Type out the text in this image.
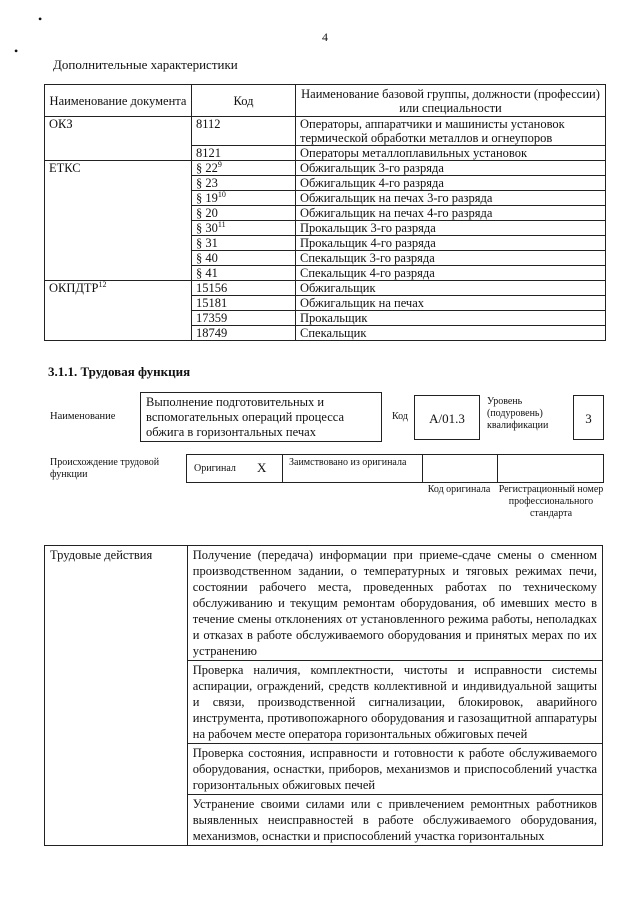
•
•
4
Дополнительные характеристики
Наименование документа	Код	Наименование базовой группы, должности (профессии) или специальности
ОКЗ	8112	Операторы, аппаратчики и машинисты установок термической обработки металлов и огнеупоров
	8121	Операторы металлоплавильных установок
ЕТКС	§ $22^9$	Обжигальщик 3-го разряда
	§ 23	Обжигальщик 4-го разряда
	§ $19^{10}$	Обжигальщик на печах 3-го разряда
	§ 20	Обжигальщик на печах 4-го разряда
	§ $30^{11}$	Прокальщик 3-го разряда
	§ 31	Прокальщик 4-го разряда
	§ 40	Спекальщик 3-го разряда
	§ 41	Спекальщик 4-го разряда
ОКПДТР$^{12}$	15156	Обжигальщик
	15181	Обжигальщик на печах
	17359	Прокальщик
	18749	Спекальщик
3.1.1. Трудовая функция
Наименование
Выполнение подготовительных и вспомогательных операций процесса обжига в горизонтальных печах
Код	A/01.3
Уровень (подуровень) квалификации	3
Происхождение трудовой функции
Оригинал X Заимствовано из оригинала
Код оригинала Регистрационный номер профессионального стандарта
Трудовые действия	Получение (передача) информации при приеме-сдаче смены о сменном производственном задании, о температурных и тяговых режимах печи, состоянии рабочего места, проведенных работах по техническому обслуживанию и текущим ремонтам оборудования, об имевших место в течение смены отклонениях от установленного режима работы, неполадках и отказах в работе обслуживаемого оборудования и принятых мерах по их устранению
Проверка наличия, комплектности, чистоты и исправности системы аспирации, ограждений, средств коллективной и индивидуальной защиты и связи, производственной сигнализации, блокировок, аварийного инструмента, противопожарного оборудования и газозащитной аппаратуры на рабочем месте оператора горизонтальных обжиговых печей
Проверка состояния, исправности и готовности к работе обслуживаемого оборудования, оснастки, приборов, механизмов и приспособлений участка горизонтальных обжиговых печей
Устранение своими силами или с привлечением ремонтных работников выявленных неисправностей в работе обслуживаемого оборудования, механизмов, оснастки и приспособлений участка горизонтальных
